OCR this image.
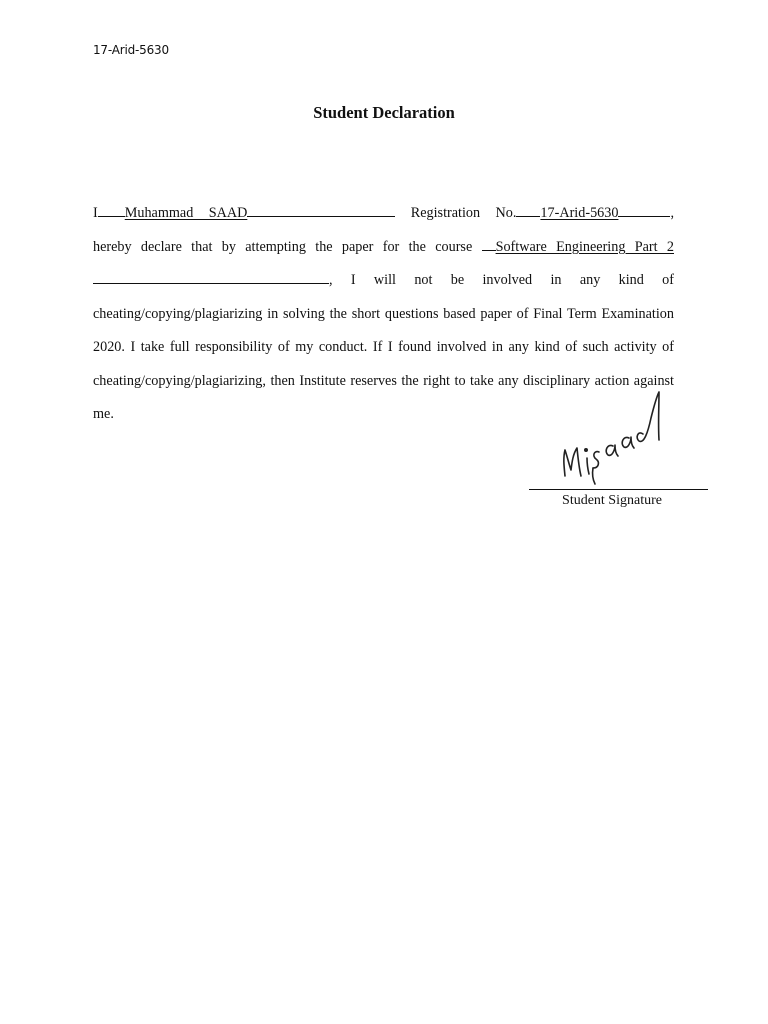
17-Arid-5630
Student Declaration

I Muhammad SAAD	Registration No. 17-Arid-5630	, hereby declare that by attempting the paper for the course Software Engineering Part 2, I will not be involved in any kind of cheating/copying/plagiarizing in solving the short questions based paper of Final Term Examination 2020. I take full responsibility of my conduct. If I found involved in any kind of such activity of cheating/copying/plagiarizing, then Institute reserves the right to take any disciplinary action against me.

Student Signature
